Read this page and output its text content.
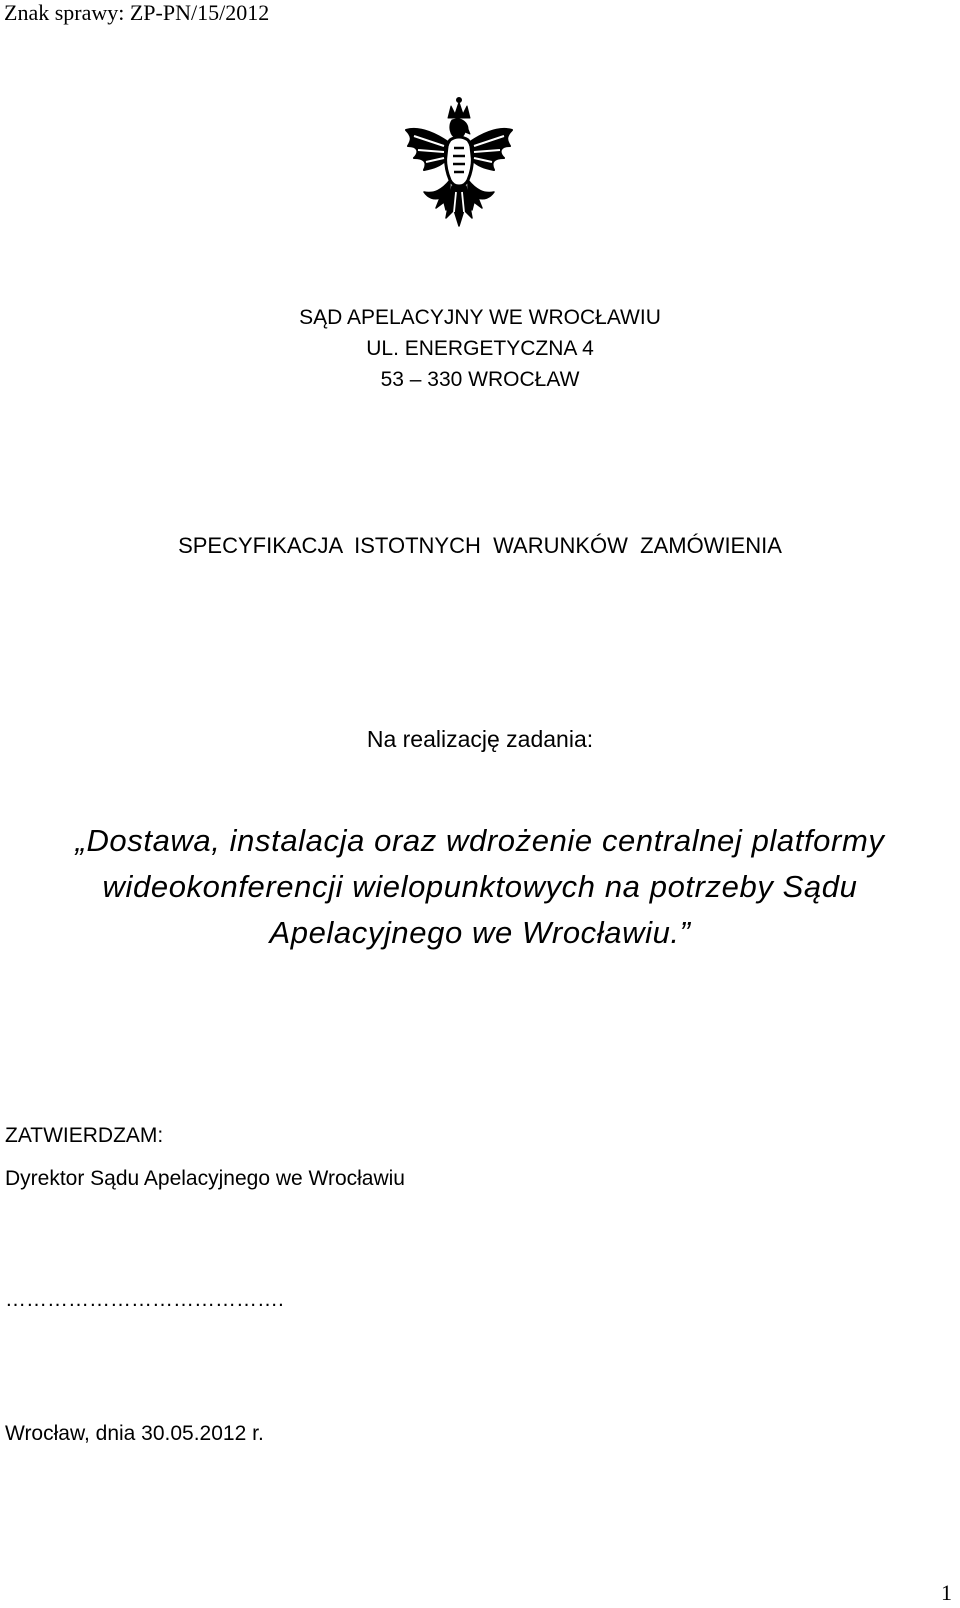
Znak sprawy: ZP-PN/15/2012
SĄD APELACYJNY WE WROCŁAWIU
UL. ENERGETYCZNA 4
53 – 330 WROCŁAW
SPECYFIKACJA  ISTOTNYCH  WARUNKÓW  ZAMÓWIENIA
Na realizację zadania:
„Dostawa, instalacja oraz wdrożenie centralnej platformy
wideokonferencji wielopunktowych na potrzeby Sądu
Apelacyjnego we Wrocławiu.”
ZATWIERDZAM:
Dyrektor Sądu Apelacyjnego we Wrocławiu
………………………………….
Wrocław, dnia 30.05.2012 r.
1
